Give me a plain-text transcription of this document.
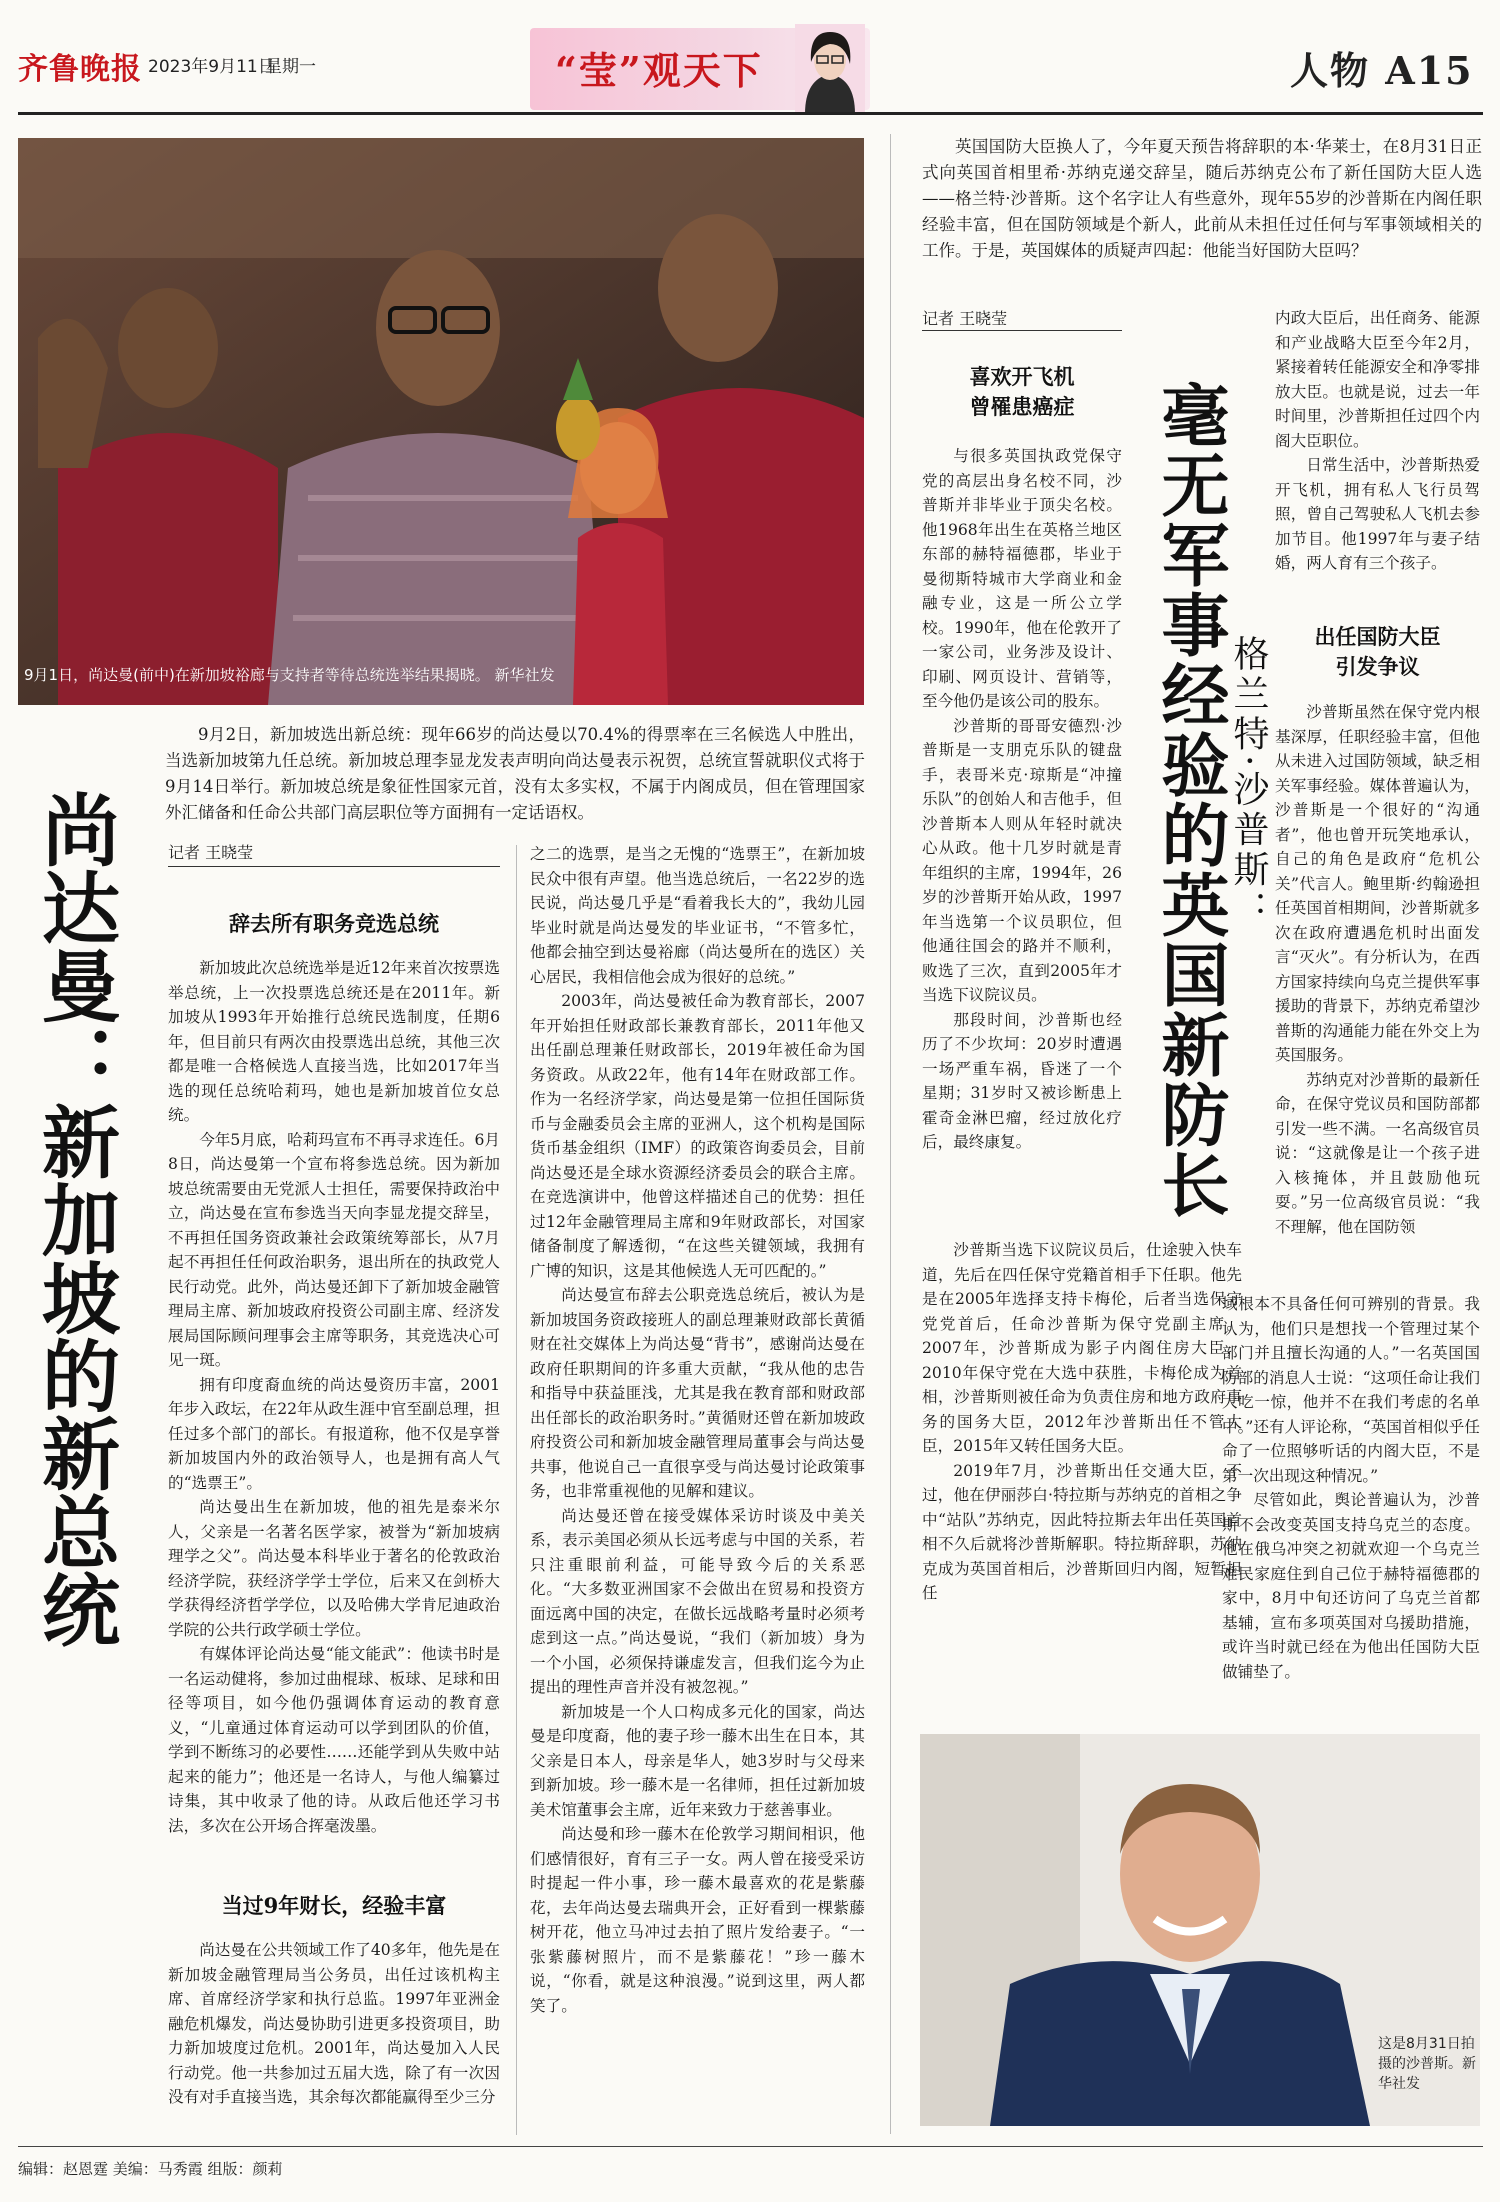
齐鲁晚报 2023年9月11日
星期一	“莹”观天下	人物 A15
9月1日，尚达曼(前中)在新加坡裕廊与支持者等待总统选举结果揭晓。 新华社发
9月2日，新加坡选出新总统：现年66岁的尚达曼以70.4%的得票率在三名候选人中胜出，当选新加坡第九任总统。新加坡总理李显龙发表声明向尚达曼表示祝贺，总统宣誓就职仪式将于9月14日举行。新加坡总统是象征性国家元首，没有太多实权，不属于内阁成员，但在管理国家外汇储备和任命公共部门高层职位等方面拥有一定话语权。
尚达曼：新加坡的新总统	记者 王晓莹
辞去所有职务竞选总统

新加坡此次总统选举是近12年来首次按票选举总统，上一次投票选总统还是在2011年。新加坡从1993年开始推行总统民选制度，任期6年，但目前只有两次由投票选出总统，其他三次都是唯一合格候选人直接当选，比如2017年当选的现任总统哈莉玛，她也是新加坡首位女总统。

今年5月底，哈莉玛宣布不再寻求连任。6月8日，尚达曼第一个宣布将参选总统。因为新加坡总统需要由无党派人士担任，需要保持政治中立，尚达曼在宣布参选当天向李显龙提交辞呈，不再担任国务资政兼社会政策统筹部长，从7月起不再担任任何政治职务，退出所在的执政党人民行动党。此外，尚达曼还卸下了新加坡金融管理局主席、新加坡政府投资公司副主席、经济发展局国际顾问理事会主席等职务，其竞选决心可见一斑。

拥有印度裔血统的尚达曼资历丰富，2001年步入政坛，在22年从政生涯中官至副总理，担任过多个部门的部长。有报道称，他不仅是享誉新加坡国内外的政治领导人，也是拥有高人气的“选票王”。

尚达曼出生在新加坡，他的祖先是泰米尔人，父亲是一名著名医学家，被誉为“新加坡病理学之父”。尚达曼本科毕业于著名的伦敦政治经济学院，获经济学学士学位，后来又在剑桥大学获得经济哲学学位，以及哈佛大学肯尼迪政治学院的公共行政学硕士学位。

有媒体评论尚达曼“能文能武”：他读书时是一名运动健将，参加过曲棍球、板球、足球和田径等项目，如今他仍强调体育运动的教育意义，“儿童通过体育运动可以学到团队的价值，学到不断练习的必要性……还能学到从失败中站起来的能力”；他还是一名诗人，与他人编纂过诗集，其中收录了他的诗。从政后他还学习书法，多次在公开场合挥毫泼墨。

当过9年财长，经验丰富

尚达曼在公共领域工作了40多年，他先是在新加坡金融管理局当公务员，出任过该机构主席、首席经济学家和执行总监。1997年亚洲金融危机爆发，尚达曼协助引进更多投资项目，助力新加坡度过危机。2001年，尚达曼加入人民行动党。他一共参加过五届大选，除了有一次因没有对手直接当选，其余每次都能赢得至少三分

之二的选票，是当之无愧的“选票王”，在新加坡民众中很有声望。他当选总统后，一名22岁的选民说，尚达曼几乎是“看着我长大的”，我幼儿园毕业时就是尚达曼发的毕业证书，“不管多忙，他都会抽空到达曼裕廊（尚达曼所在的选区）关心居民，我相信他会成为很好的总统。”

2003年，尚达曼被任命为教育部长，2007年开始担任财政部长兼教育部长，2011年他又出任副总理兼任财政部长，2019年被任命为国务资政。从政22年，他有14年在财政部工作。作为一名经济学家，尚达曼是第一位担任国际货币与金融委员会主席的亚洲人，这个机构是国际货币基金组织（IMF）的政策咨询委员会，目前尚达曼还是全球水资源经济委员会的联合主席。在竞选演讲中，他曾这样描述自己的优势：担任过12年金融管理局主席和9年财政部长，对国家储备制度了解透彻，“在这些关键领域，我拥有广博的知识，这是其他候选人无可匹配的。”

尚达曼宣布辞去公职竞选总统后，被认为是新加坡国务资政接班人的副总理兼财政部长黄循财在社交媒体上为尚达曼“背书”，感谢尚达曼在政府任职期间的许多重大贡献，“我从他的忠告和指导中获益匪浅，尤其是我在教育部和财政部出任部长的政治职务时。”黄循财还曾在新加坡政府投资公司和新加坡金融管理局董事会与尚达曼共事，他说自己一直很享受与尚达曼讨论政策事务，也非常重视他的见解和建议。

尚达曼还曾在接受媒体采访时谈及中美关系，表示美国必须从长远考虑与中国的关系，若只注重眼前利益，可能导致今后的关系恶化。“大多数亚洲国家不会做出在贸易和投资方面远离中国的决定，在做长远战略考量时必须考虑到这一点。”尚达曼说，“我们（新加坡）身为一个小国，必须保持谦虚发言，但我们迄今为止提出的理性声音并没有被忽视。”

新加坡是一个人口构成多元化的国家，尚达曼是印度裔，他的妻子珍一藤木出生在日本，其父亲是日本人，母亲是华人，她3岁时与父母来到新加坡。珍一藤木是一名律师，担任过新加坡美术馆董事会主席，近年来致力于慈善事业。

尚达曼和珍一藤木在伦敦学习期间相识，他们感情很好，育有三子一女。两人曾在接受采访时提起一件小事，珍一藤木最喜欢的花是紫藤花，去年尚达曼去瑞典开会，正好看到一棵紫藤树开花，他立马冲过去拍了照片发给妻子。“一张紫藤树照片，而不是紫藤花！”珍一藤木说，“你看，就是这种浪漫。”说到这里，两人都笑了。

英国国防大臣换人了，今年夏天预告将辞职的本·华莱士，在8月31日正式向英国首相里希·苏纳克递交辞呈，随后苏纳克公布了新任国防大臣人选——格兰特·沙普斯。这个名字让人有些意外，现年55岁的沙普斯在内阁任职经验丰富，但在国防领域是个新人，此前从未担任过任何与军事领域相关的工作。于是，英国媒体的质疑声四起：他能当好国防大臣吗？
记者 王晓莹
喜欢开飞机
曾罹患癌症

与很多英国执政党保守党的高层出身名校不同，沙普斯并非毕业于顶尖名校。他1968年出生在英格兰地区东部的赫特福德郡，毕业于曼彻斯特城市大学商业和金融专业，这是一所公立学校。1990年，他在伦敦开了一家公司，业务涉及设计、印刷、网页设计、营销等，至今他仍是该公司的股东。

沙普斯的哥哥安德烈·沙普斯是一支朋克乐队的键盘手，表哥米克·琼斯是“冲撞乐队”的创始人和吉他手，但沙普斯本人则从年轻时就决心从政。他十几岁时就是青年组织的主席，1994年，26岁的沙普斯开始从政，1997年当选第一个议员职位，但他通往国会的路并不顺利，败选了三次，直到2005年才当选下议院议员。

那段时间，沙普斯也经历了不少坎坷：20岁时遭遇一场严重车祸，昏迷了一个星期；31岁时又被诊断患上霍奇金淋巴瘤，经过放化疗后，最终康复。	毫无军事经验的英国新防长
格兰特·沙普斯：

沙普斯当选下议院议员后，仕途驶入快车道，先后在四任保守党籍首相手下任职。他先是在2005年选择支持卡梅伦，后者当选保守党党首后，任命沙普斯为保守党副主席。2007年，沙普斯成为影子内阁住房大臣，2010年保守党在大选中获胜，卡梅伦成为首相，沙普斯则被任命为负责住房和地方政府事务的国务大臣，2012年沙普斯出任不管大臣，2015年又转任国务大臣。

2019年7月，沙普斯出任交通大臣，不过，他在伊丽莎白·特拉斯与苏纳克的首相之争中“站队”苏纳克，因此特拉斯去年出任英国首相不久后就将沙普斯解职。特拉斯辞职，苏纳克成为英国首相后，沙普斯回归内阁，短暂担任

内政大臣后，出任商务、能源和产业战略大臣至今年2月，紧接着转任能源安全和净零排放大臣。也就是说，过去一年时间里，沙普斯担任过四个内阁大臣职位。

日常生活中，沙普斯热爱开飞机，拥有私人飞行员驾照，曾自己驾驶私人飞机去参加节目。他1997年与妻子结婚，两人育有三个孩子。

出任国防大臣
引发争议

沙普斯虽然在保守党内根基深厚，任职经验丰富，但他从未进入过国防领域，缺乏相关军事经验。媒体普遍认为，沙普斯是一个很好的“沟通者”，他也曾开玩笑地承认，自己的角色是政府“危机公关”代言人。鲍里斯·约翰逊担任英国首相期间，沙普斯就多次在政府遭遇危机时出面发言“灭火”。有分析认为，在西方国家持续向乌克兰提供军事援助的背景下，苏纳克希望沙普斯的沟通能力能在外交上为英国服务。

苏纳克对沙普斯的最新任命，在保守党议员和国防部都引发一些不满。一名高级官员说：“这就像是让一个孩子进入核掩体，并且鼓励他玩耍。”另一位高级官员说：“我不理解，他在国防领

域根本不具备任何可辨别的背景。我认为，他们只是想找一个管理过某个部门并且擅长沟通的人。”一名英国国防部的消息人士说：“这项任命让我们大吃一惊，他并不在我们考虑的名单中。”还有人评论称，“英国首相似乎任命了一位照够听话的内阁大臣，不是第一次出现这种情况。”

尽管如此，舆论普遍认为，沙普斯不会改变英国支持乌克兰的态度。他在俄乌冲突之初就欢迎一个乌克兰难民家庭住到自己位于赫特福德郡的家中，8月中旬还访问了乌克兰首都基辅，宣布多项英国对乌援助措施，或许当时就已经在为他出任国防大臣做铺垫了。

这是8月31日拍摄的沙普斯。新华社发
编辑：赵恩霆 美编：马秀霞 组版：颜莉
